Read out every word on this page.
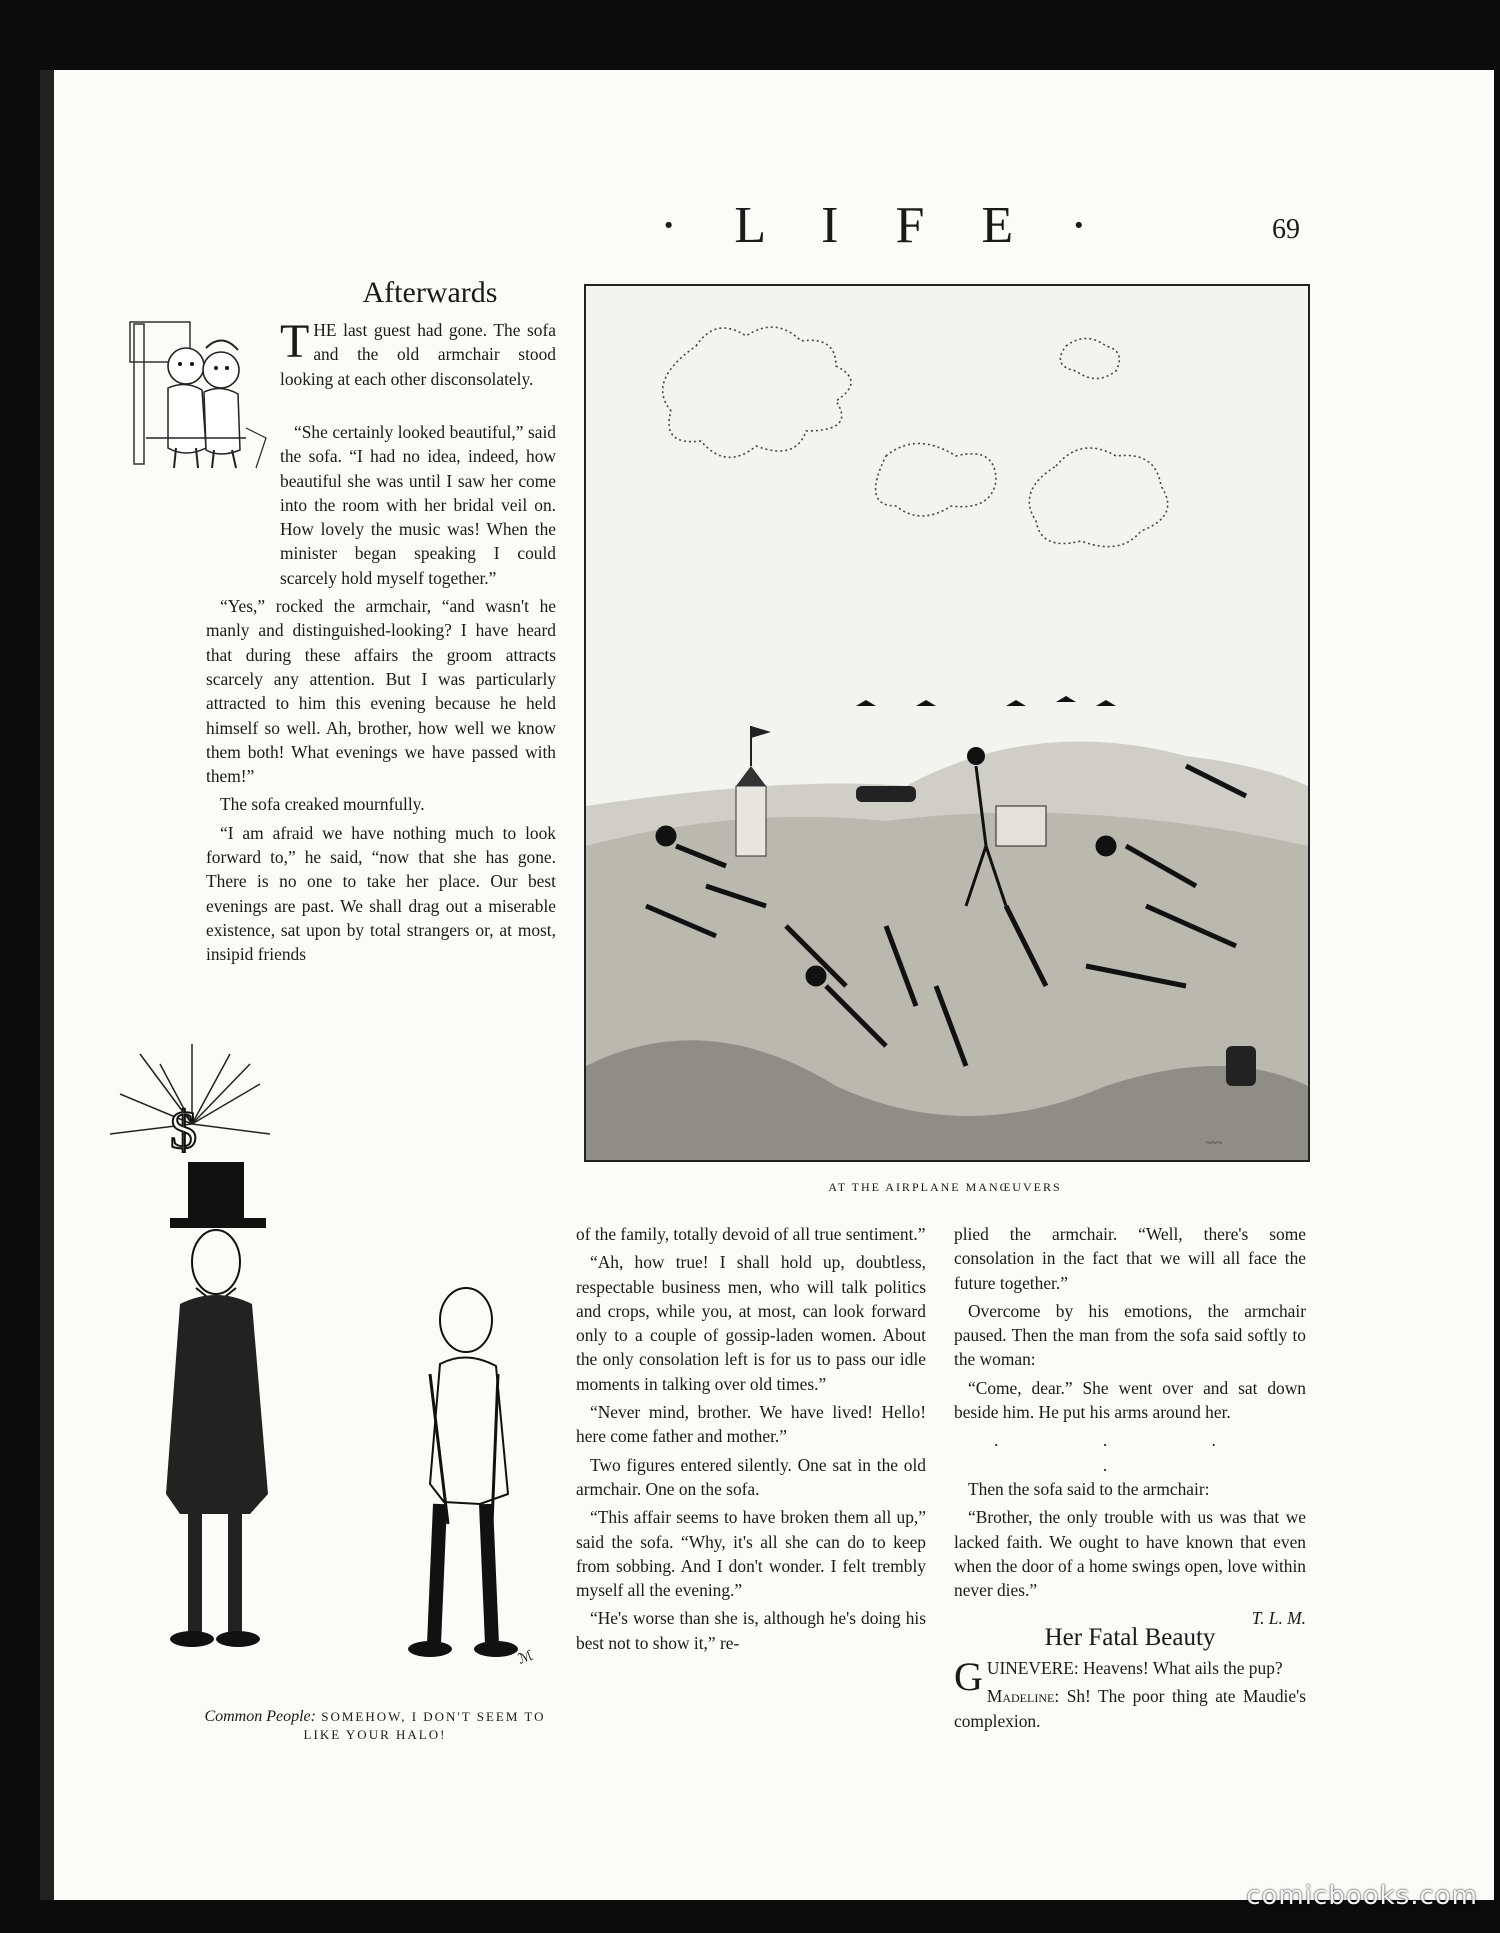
· L I F E ·	69
Afterwards

THE last guest had gone. The sofa and the old armchair stood looking at each other disconsolately.

“She certainly looked beautiful,” said the sofa. “I had no idea, indeed, how beautiful she was until I saw her come into the room with her bridal veil on. How lovely the music was! When the minister began speaking I could scarcely hold myself together.”

“Yes,” rocked the armchair, “and wasn't he manly and distinguished-looking? I have heard that during these affairs the groom attracts scarcely any attention. But I was particularly attracted to him this evening because he held himself so well. Ah, brother, how well we know them both! What evenings we have passed with them!”

The sofa creaked mournfully.

“I am afraid we have nothing much to look forward to,” he said, “now that she has gone. There is no one to take her place. Our best evenings are past. We shall drag out a miserable existence, sat upon by total strangers or, at most, insipid friends

~~~
AT THE AIRPLANE MANŒUVERS
$
ℳ
Common People: SOMEHOW, I DON'T SEEM TO LIKE YOUR HALO!

of the family, totally devoid of all true sentiment.”

“Ah, how true! I shall hold up, doubtless, respectable business men, who will talk politics and crops, while you, at most, can look forward only to a couple of gossip-laden women. About the only consolation left is for us to pass our idle moments in talking over old times.”

“Never mind, brother. We have lived! Hello! here come father and mother.”

Two figures entered silently. One sat in the old armchair. One on the sofa.

“This affair seems to have broken them all up,” said the sofa. “Why, it's all she can do to keep from sobbing. And I don't wonder. I felt trembly myself all the evening.”

“He's worse than she is, although he's doing his best not to show it,” re-

plied the armchair. “Well, there's some consolation in the fact that we will all face the future together.”

Overcome by his emotions, the armchair paused. Then the man from the sofa said softly to the woman:

“Come, dear.” She went over and sat down beside him. He put his arms around her.

. . . .

Then the sofa said to the armchair:

“Brother, the only trouble with us was that we lacked faith. We ought to have known that even when the door of a home swings open, love within never dies.”

T. L. M.
Her Fatal Beauty

GUINEVERE: Heavens! What ails the pup?

Madeline: Sh! The poor thing ate Maudie's complexion.

comicbooks.com
